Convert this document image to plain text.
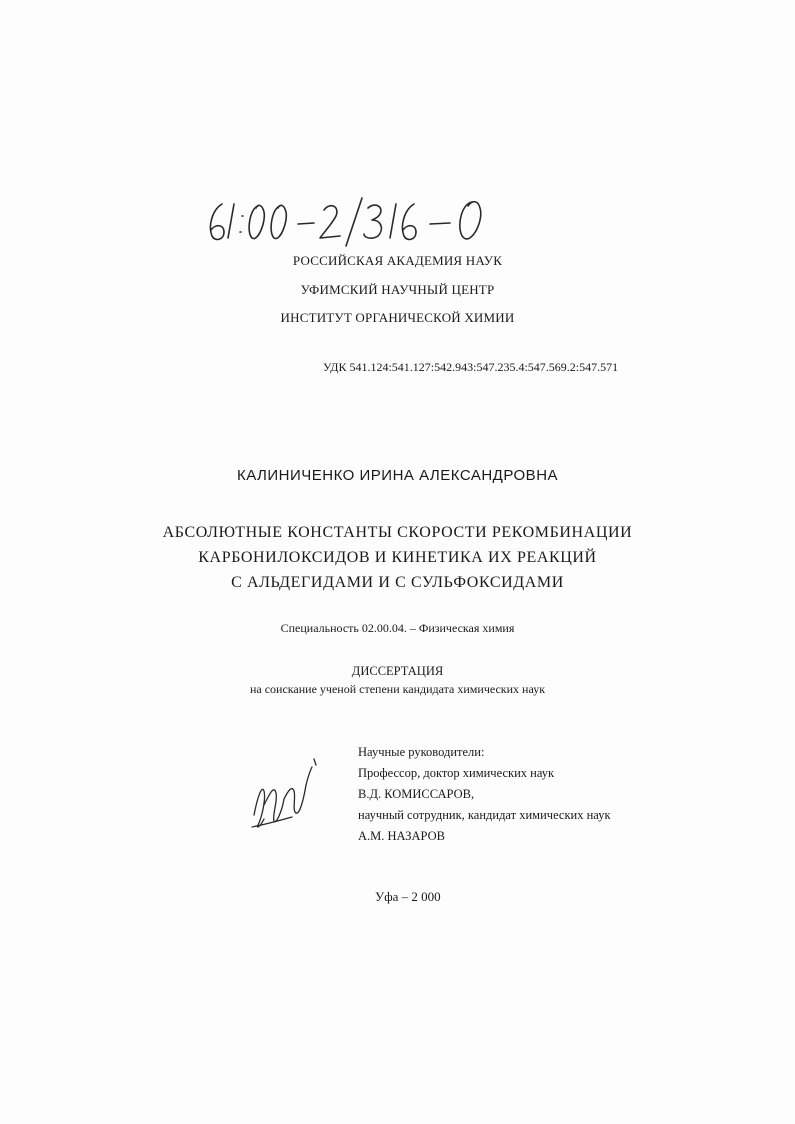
РОССИЙСКАЯ АКАДЕМИЯ НАУК
УФИМСКИЙ НАУЧНЫЙ ЦЕНТР
ИНСТИТУТ ОРГАНИЧЕСКОЙ ХИМИИ
УДК 541.124:541.127:542.943:547.235.4:547.569.2:547.571
КАЛИНИЧЕНКО ИРИНА АЛЕКСАНДРОВНА
АБСОЛЮТНЫЕ КОНСТАНТЫ СКОРОСТИ РЕКОМБИНАЦИИ
КАРБОНИЛОКСИДОВ И КИНЕТИКА ИХ РЕАКЦИЙ
С АЛЬДЕГИДАМИ И С СУЛЬФОКСИДАМИ
Специальность 02.00.04. – Физическая химия
ДИССЕРТАЦИЯ
на соискание ученой степени кандидата химических наук
Научные руководители:
Профессор, доктор химических наук
В.Д. КОМИССАРОВ,
научный сотрудник, кандидат химических наук
А.М. НАЗАРОВ
Уфа – 2 000
